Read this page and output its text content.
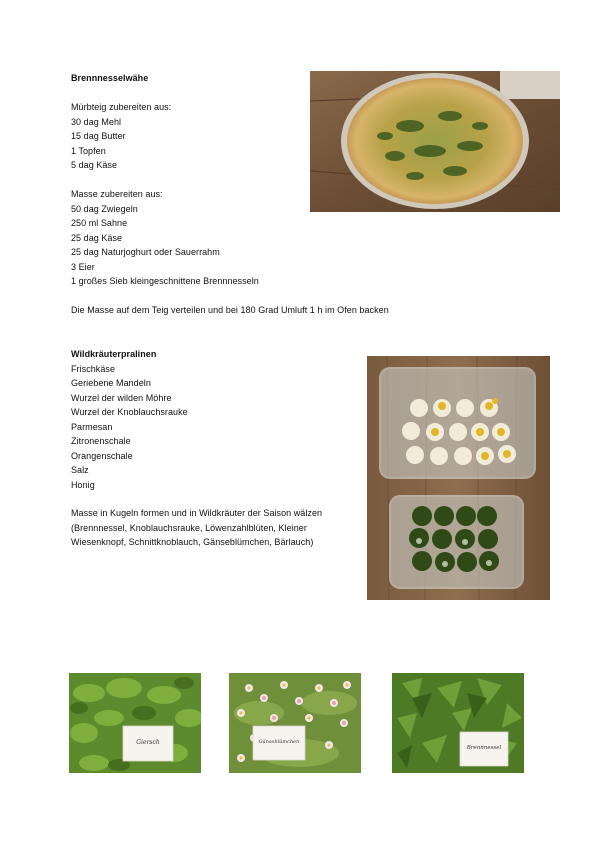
Brennnesselwähe
Mürbteig zubereiten aus:
30 dag Mehl
15 dag Butter
1 Topfen
5 dag Käse
Masse zubereiten aus:
50 dag Zwiegeln
250 ml Sahne
25 dag Käse
25 dag Naturjoghurt oder Sauerrahm
3 Eier
1 großes Sieb kleingeschnittene Brennnesseln
Die Masse auf dem Teig verteilen und bei 180 Grad Umluft 1 h im Ofen backen
Wildkräuterpralinen
Frischkäse
Geriebene Mandeln
Wurzel der wilden Möhre
Wurzel der Knoblauchsrauke
Parmesan
Zitronenschale
Orangenschale
Salz
Honig
Masse in Kugeln formen und in Wildkräuter der Saison wälzen
(Brennnessel, Knoblauchsrauke, Löwenzahlblüten, Kleiner
Wiesenknopf, Schnittknoblauch, Gänseblümchen, Bärlauch)
Giersch	Gänseblümchen
Brennnessel
